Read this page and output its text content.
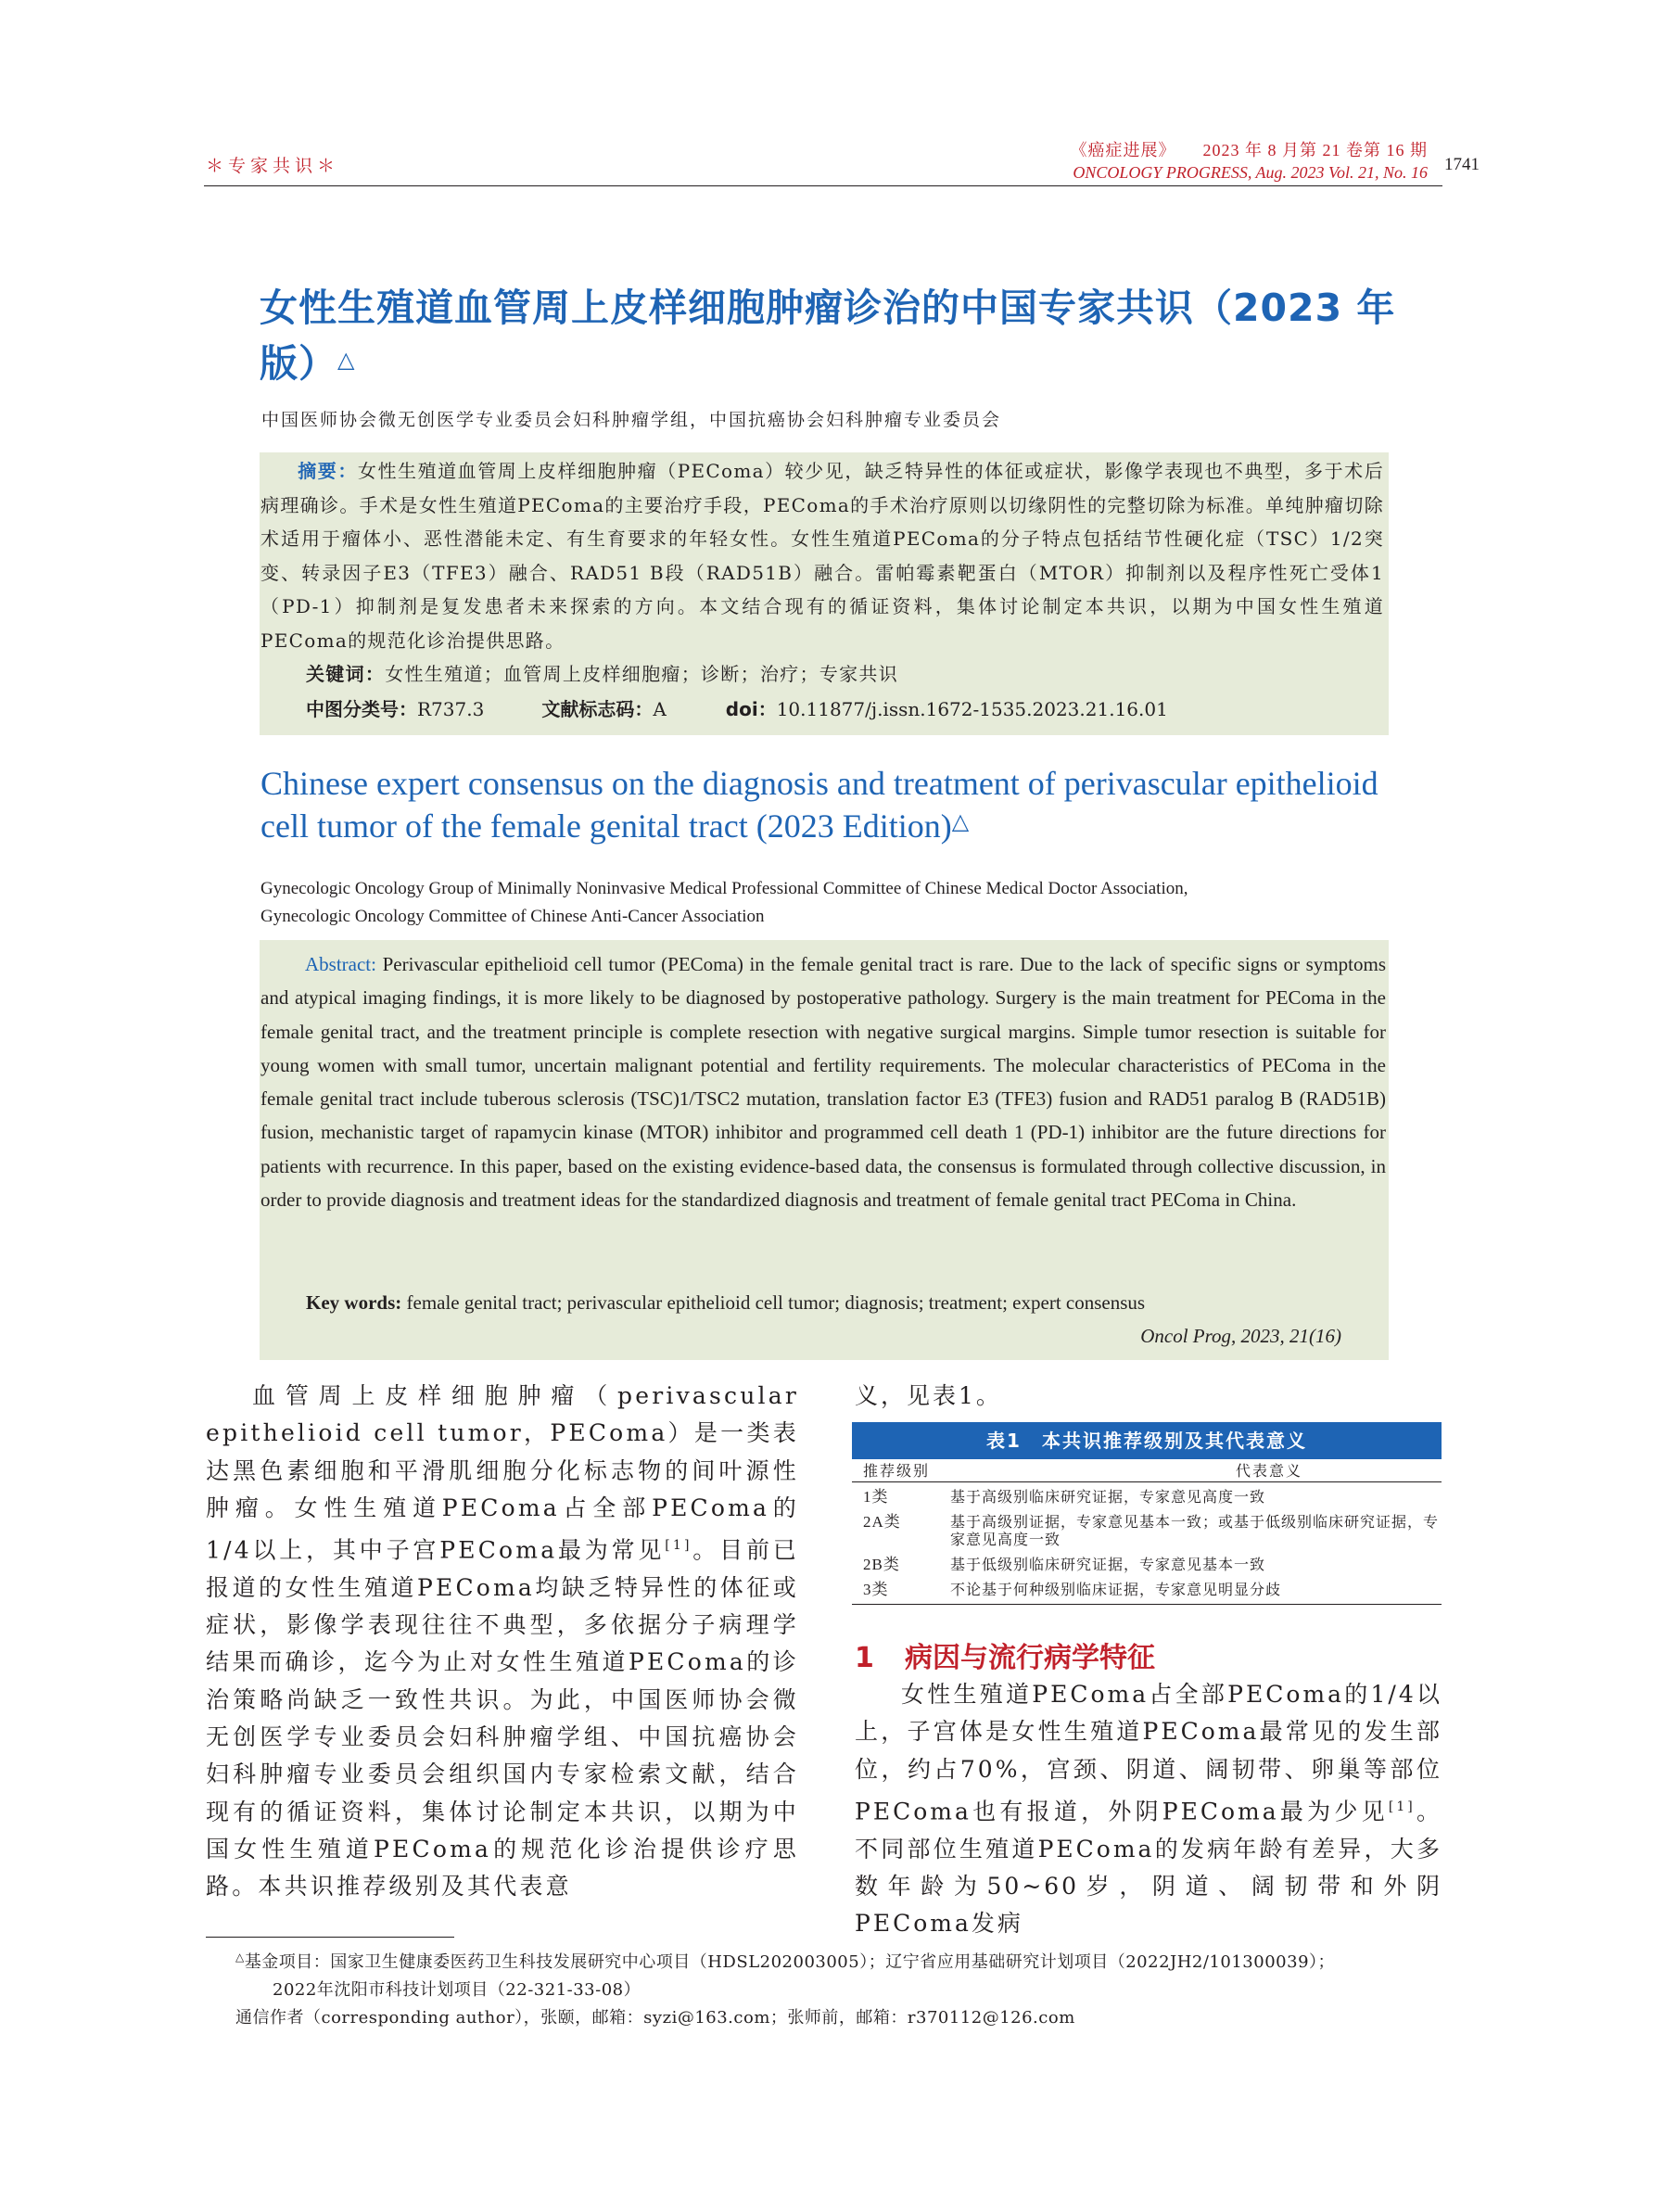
＊专家共识＊
《癌症进展》　　2023 年 8 月第 21 卷第 16 期
ONCOLOGY PROGRESS, Aug. 2023 Vol. 21, No. 16 1741
女性生殖道血管周上皮样细胞肿瘤诊治的中国专家共识（2023 年版）△
中国医师协会微无创医学专业委员会妇科肿瘤学组，中国抗癌协会妇科肿瘤专业委员会
摘要：女性生殖道血管周上皮样细胞肿瘤（PEComa）较少见，缺乏特异性的体征或症状，影像学表现也不典型，多于术后病理确诊。手术是女性生殖道PEComa的主要治疗手段，PEComa的手术治疗原则以切缘阴性的完整切除为标准。单纯肿瘤切除术适用于瘤体小、恶性潜能未定、有生育要求的年轻女性。女性生殖道PEComa的分子特点包括结节性硬化症（TSC）1/2突变、转录因子E3（TFE3）融合、RAD51 B段（RAD51B）融合。雷帕霉素靶蛋白（MTOR）抑制剂以及程序性死亡受体1（PD-1）抑制剂是复发患者未来探索的方向。本文结合现有的循证资料，集体讨论制定本共识，以期为中国女性生殖道PEComa的规范化诊治提供思路。
关键词：女性生殖道；血管周上皮样细胞瘤；诊断；治疗；专家共识
中图分类号：R737.3	文献标志码：A	doi：10.11877/j.issn.1672-1535.2023.21.16.01
Chinese expert consensus on the diagnosis and treatment of perivascular epithelioid cell tumor of the female genital tract (2023 Edition)△
Gynecologic Oncology Group of Minimally Noninvasive Medical Professional Committee of Chinese Medical Doctor Association,
Gynecologic Oncology Committee of Chinese Anti-Cancer Association
Abstract: Perivascular epithelioid cell tumor (PEComa) in the female genital tract is rare. Due to the lack of specific signs or symptoms and atypical imaging findings, it is more likely to be diagnosed by postoperative pathology. Surgery is the main treatment for PEComa in the female genital tract, and the treatment principle is complete resection with negative surgical margins. Simple tumor resection is suitable for young women with small tumor, uncertain malignant potential and fertility requirements. The molecular characteristics of PEComa in the female genital tract include tuberous sclerosis (TSC)1/TSC2 mutation, translation factor E3 (TFE3) fusion and RAD51 paralog B (RAD51B) fusion, mechanistic target of rapamycin kinase (MTOR) inhibitor and programmed cell death 1 (PD-1) inhibitor are the future directions for patients with recurrence. In this paper, based on the existing evidence-based data, the consensus is formulated through collective discussion, in order to provide diagnosis and treatment ideas for the standardized diagnosis and treatment of female genital tract PEComa in China.
Key words: female genital tract; perivascular epithelioid cell tumor; diagnosis; treatment; expert consensus
Oncol Prog, 2023, 21(16)
血管周上皮样细胞肿瘤（perivascular epithelioid cell tumor，PEComa）是一类表达黑色素细胞和平滑肌细胞分化标志物的间叶源性肿瘤。女性生殖道PEComa占全部PEComa的1/4以上，其中子宫PEComa最为常见[1]。目前已报道的女性生殖道PEComa均缺乏特异性的体征或症状，影像学表现往往不典型，多依据分子病理学结果而确诊，迄今为止对女性生殖道PEComa的诊治策略尚缺乏一致性共识。为此，中国医师协会微无创医学专业委员会妇科肿瘤学组、中国抗癌协会妇科肿瘤专业委员会组织国内专家检索文献，结合现有的循证资料，集体讨论制定本共识，以期为中国女性生殖道PEComa的规范化诊治提供诊疗思路。本共识推荐级别及其代表意
义，见表1。
表1　本共识推荐级别及其代表意义
推荐级别	代表意义
1类	基于高级别临床研究证据，专家意见高度一致
2A类	基于高级别证据，专家意见基本一致；或基于低级别临床研究证据，专家意见高度一致
2B类	基于低级别临床研究证据，专家意见基本一致
3类	不论基于何种级别临床证据，专家意见明显分歧
1 病因与流行病学特征
女性生殖道PEComa占全部PEComa的1/4以上，子宫体是女性生殖道PEComa最常见的发生部位，约占70%，宫颈、阴道、阔韧带、卵巢等部位PEComa也有报道，外阴PEComa最为少见[1]。不同部位生殖道PEComa的发病年龄有差异，大多数年龄为50~60岁，阴道、阔韧带和外阴PEComa发病
△基金项目：国家卫生健康委医药卫生科技发展研究中心项目（HDSL202003005）；辽宁省应用基础研究计划项目（2022JH2/101300039）；
2022年沈阳市科技计划项目（22-321-33-08）
通信作者（corresponding author），张颐，邮箱：syzi@163.com；张师前，邮箱：r370112@126.com
